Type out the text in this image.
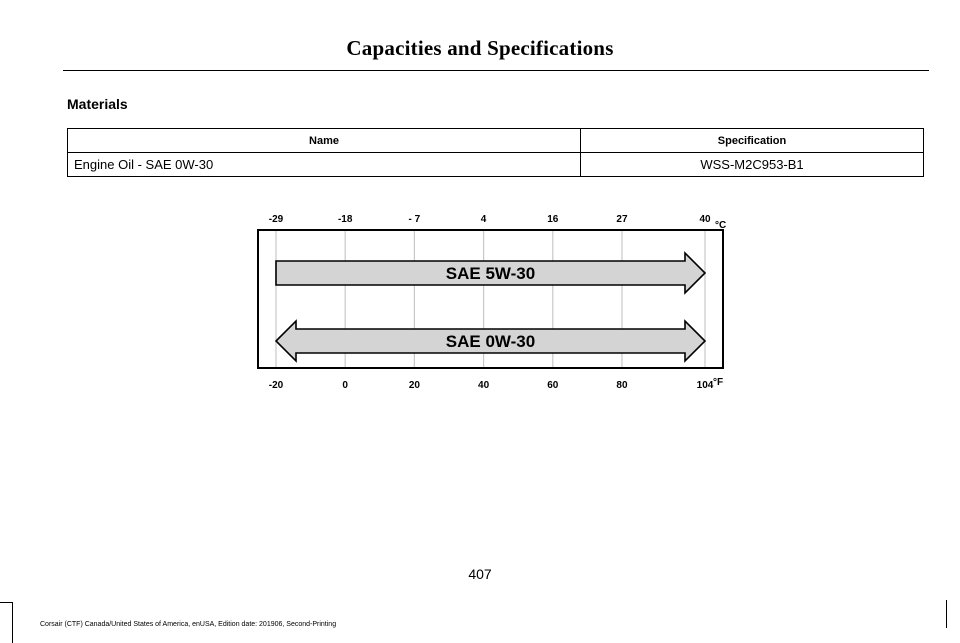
Capacities and Specifications
Materials
Name	Specification
Engine Oil - SAE 0W-30	WSS-M2C953-B1
SAE 5W-30
SAE 0W-30
-20
-29
0
-18
20
- 7
40
4
60
16
80
27
104
40
°C
°F
407
Corsair (CTF) Canada/United States of America, enUSA, Edition date: 201906, Second-Printing
